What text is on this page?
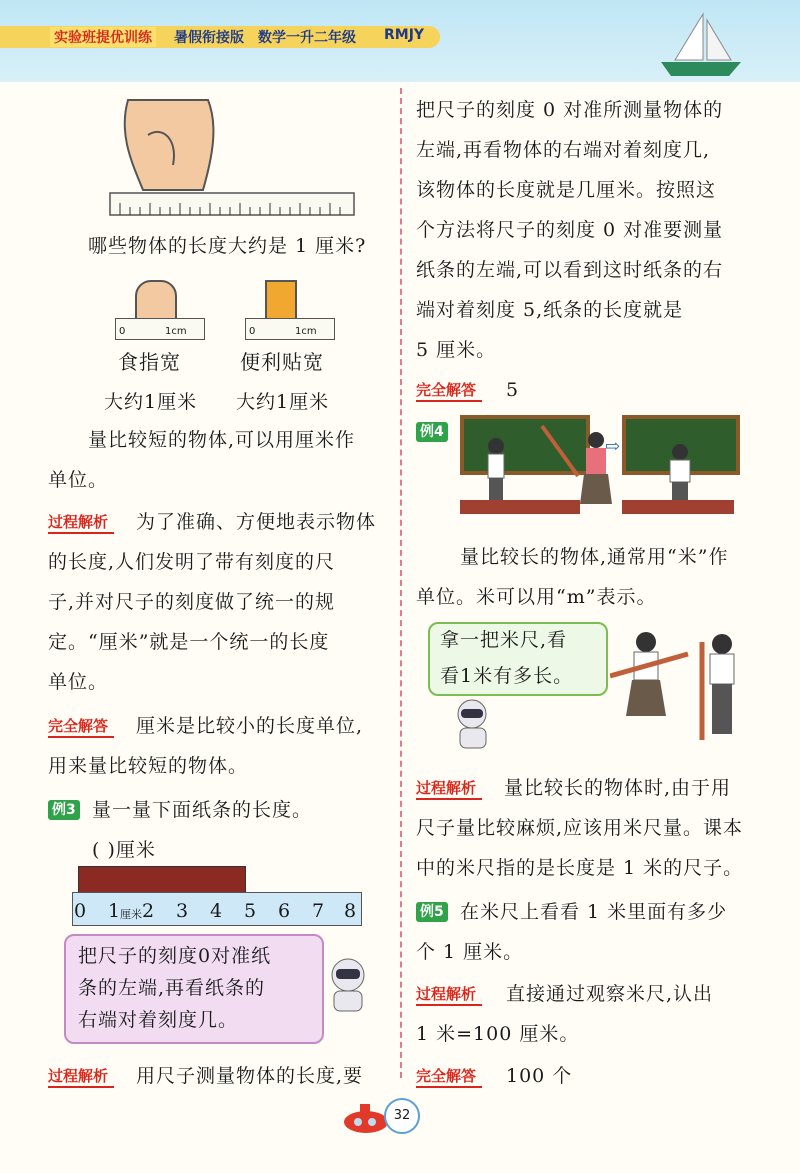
实验班提优训练 暑假衔接版 数学一升二年级 RMJY
哪些物体的长度大约是 1 厘米?
0	1cm	0	1cm
食指宽	便利贴宽
大约1厘米 大约1厘米
量比较短的物体,可以用厘米作
单位。
过程解析	为了准确、方便地表示物体
的长度,人们发明了带有刻度的尺
子,并对尺子的刻度做了统一的规
定。“厘米”就是一个统一的长度
单位。
完全解答	厘米是比较小的长度单位,
用来量比较短的物体。
例3 量一量下面纸条的长度。
( )厘米
0 1 厘米 2 3 4 5 6 7 8
把尺子的刻度0对准纸
条的左端,再看纸条的
右端对着刻度几。
过程解析	用尺子测量物体的长度,要
把尺子的刻度 0 对准所测量物体的
左端,再看物体的右端对着刻度几,
该物体的长度就是几厘米。按照这
个方法将尺子的刻度 0 对准要测量
纸条的左端,可以看到这时纸条的右
端对着刻度 5,纸条的长度就是
5 厘米。
完全解答	5
例4
⇨
量比较长的物体,通常用“米”作
单位。米可以用“m”表示。
拿一把米尺,看
看1米有多长。
过程解析	量比较长的物体时,由于用
尺子量比较麻烦,应该用米尺量。课本
中的米尺指的是长度是 1 米的尺子。
例5 在米尺上看看 1 米里面有多少
个 1 厘米。
过程解析	直接通过观察米尺,认出
1 米=100 厘米。
完全解答	100 个
32
